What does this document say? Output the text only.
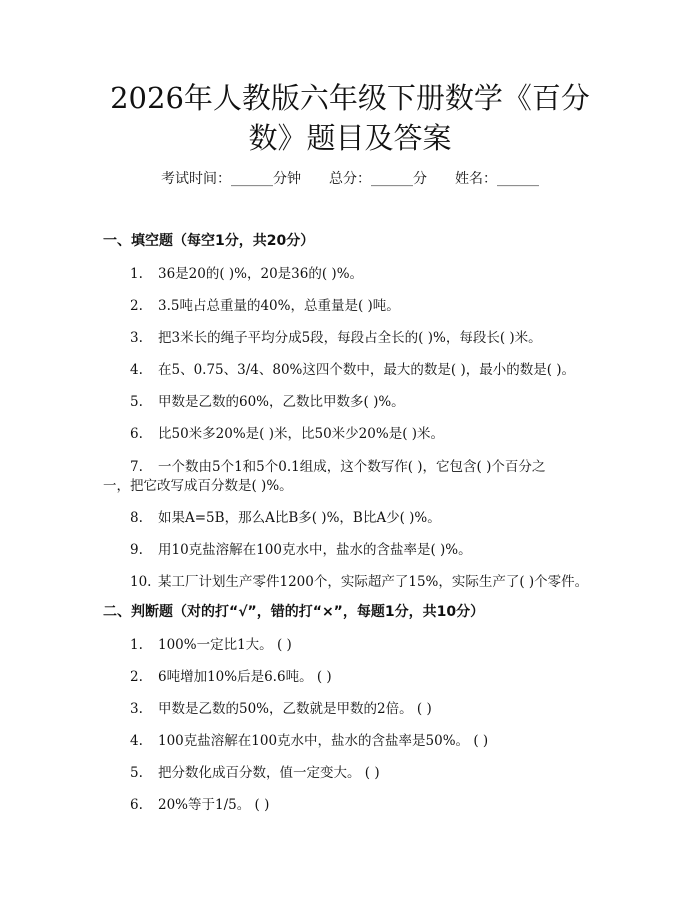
2026年人教版六年级下册数学《百分数》题目及答案
考试时间：______分钟 总分：______分 姓名：______
一、填空题（每空1分，共20分）
1. 36是20的( )%，20是36的( )%。
2. 3.5吨占总重量的40%，总重量是( )吨。
3. 把3米长的绳子平均分成5段，每段占全长的( )%，每段长( )米。
4. 在5、0.75、3/4、80%这四个数中，最大的数是( )，最小的数是( )。
5. 甲数是乙数的60%，乙数比甲数多( )%。
6. 比50米多20%是( )米，比50米少20%是( )米。
7. 一个数由5个1和5个0.1组成，这个数写作( )，它包含( )个百分之
一，把它改写成百分数是( )%。
8. 如果A=5B，那么A比B多( )%，B比A少( )%。
9. 用10克盐溶解在100克水中，盐水的含盐率是( )%。
10. 某工厂计划生产零件1200个，实际超产了15%，实际生产了( )个零件。
二、判断题（对的打“√”，错的打“×”，每题1分，共10分）
1. 100%一定比1大。 ( )
2. 6吨增加10%后是6.6吨。 ( )
3. 甲数是乙数的50%，乙数就是甲数的2倍。 ( )
4. 100克盐溶解在100克水中，盐水的含盐率是50%。 ( )
5. 把分数化成百分数，值一定变大。 ( )
6. 20%等于1/5。 ( )
